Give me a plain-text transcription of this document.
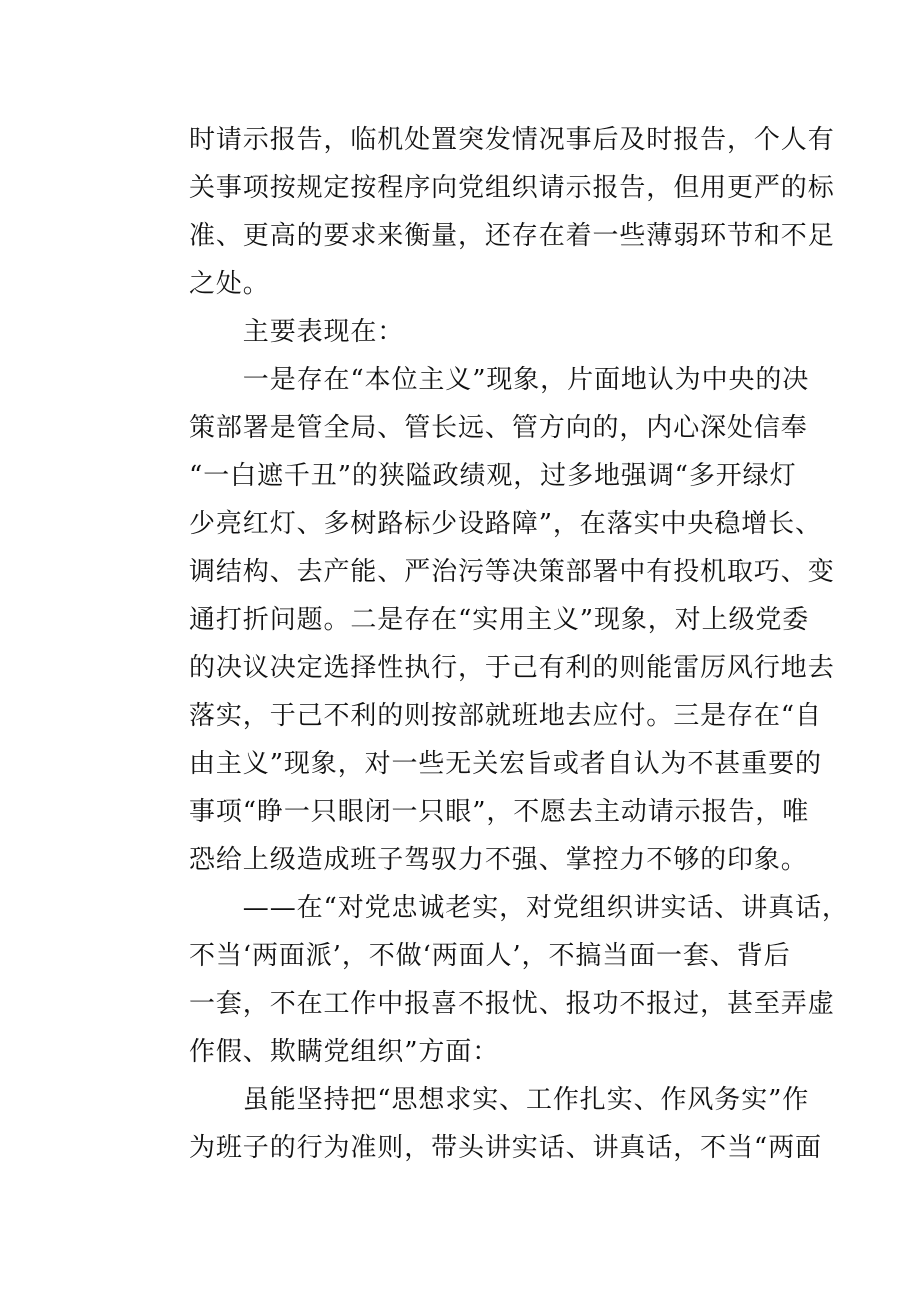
时请示报告，临机处置突发情况事后及时报告，个人有
关事项按规定按程序向党组织请示报告，但用更严的标
准、更高的要求来衡量，还存在着一些薄弱环节和不足
之处。
　　主要表现在：
　　一是存在“本位主义”现象，片面地认为中央的决
策部署是管全局、管长远、管方向的，内心深处信奉
“一白遮千丑”的狭隘政绩观，过多地强调“多开绿灯
少亮红灯、多树路标少设路障”，在落实中央稳增长、
调结构、去产能、严治污等决策部署中有投机取巧、变
通打折问题。二是存在“实用主义”现象，对上级党委
的决议决定选择性执行，于己有利的则能雷厉风行地去
落实，于己不利的则按部就班地去应付。三是存在“自
由主义”现象，对一些无关宏旨或者自认为不甚重要的
事项“睁一只眼闭一只眼”，不愿去主动请示报告，唯
恐给上级造成班子驾驭力不强、掌控力不够的印象。
　　——在“对党忠诚老实，对党组织讲实话、讲真话，
不当‘两面派’，不做‘两面人’，不搞当面一套、背后
一套，不在工作中报喜不报忧、报功不报过，甚至弄虚
作假、欺瞒党组织”方面：
　　虽能坚持把“思想求实、工作扎实、作风务实”作
为班子的行为准则，带头讲实话、讲真话，不当“两面
